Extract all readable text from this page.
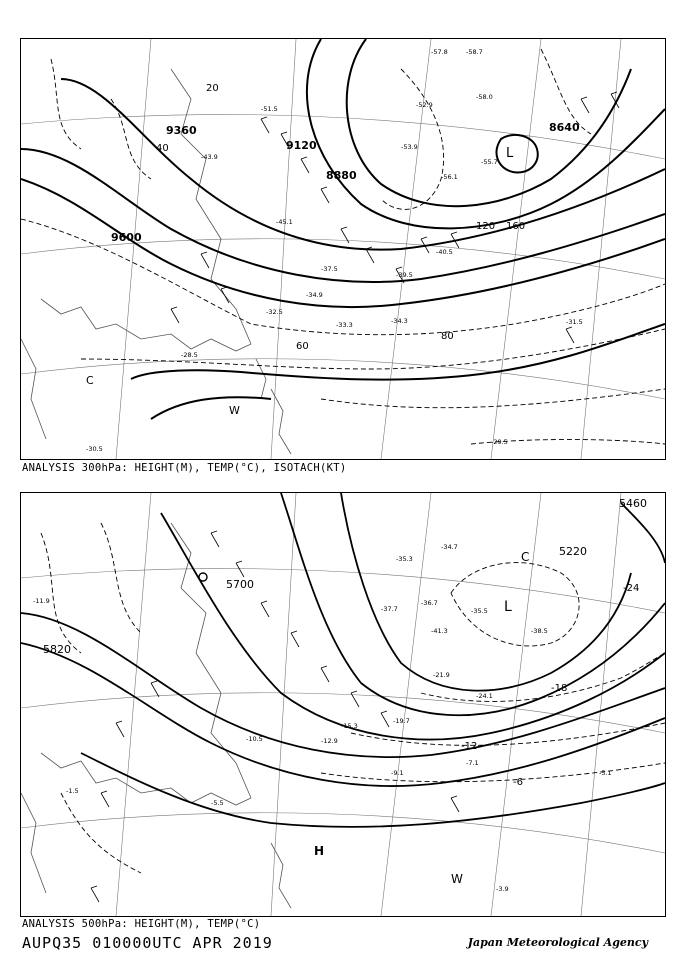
9360
9120
8880
9600
8640
20
40
60
80
120 160
L
W
C
-52.9
-53.9
-57.8	-58.7
-58.0
-55.7
-56.1
-40.5
-39.5
-37.5
-34.9
-34.3
-33.3
-32.5
-31.5
-29.5
-28.5
-30.5
-43.9
-45.1
-51.5
ANALYSIS 300hPa: HEIGHT(M), TEMP(°C), ISOTACH(KT)
5460
5220
5700
5820
-24
-18
-12
-6
L
C
H
W
-35.3
-34.7
-41.3
-37.7
-36.7
-35.5
-38.5
-21.9
-24.1
-19.7
-15.3
-12.9
-10.5
-9.1
-7.1
-5.1
-5.5
-3.9
-1.5
-11.9
ANALYSIS 500hPa: HEIGHT(M), TEMP(°C)
AUPQ35 010000UTC APR 2019	Japan Meteorological Agency
